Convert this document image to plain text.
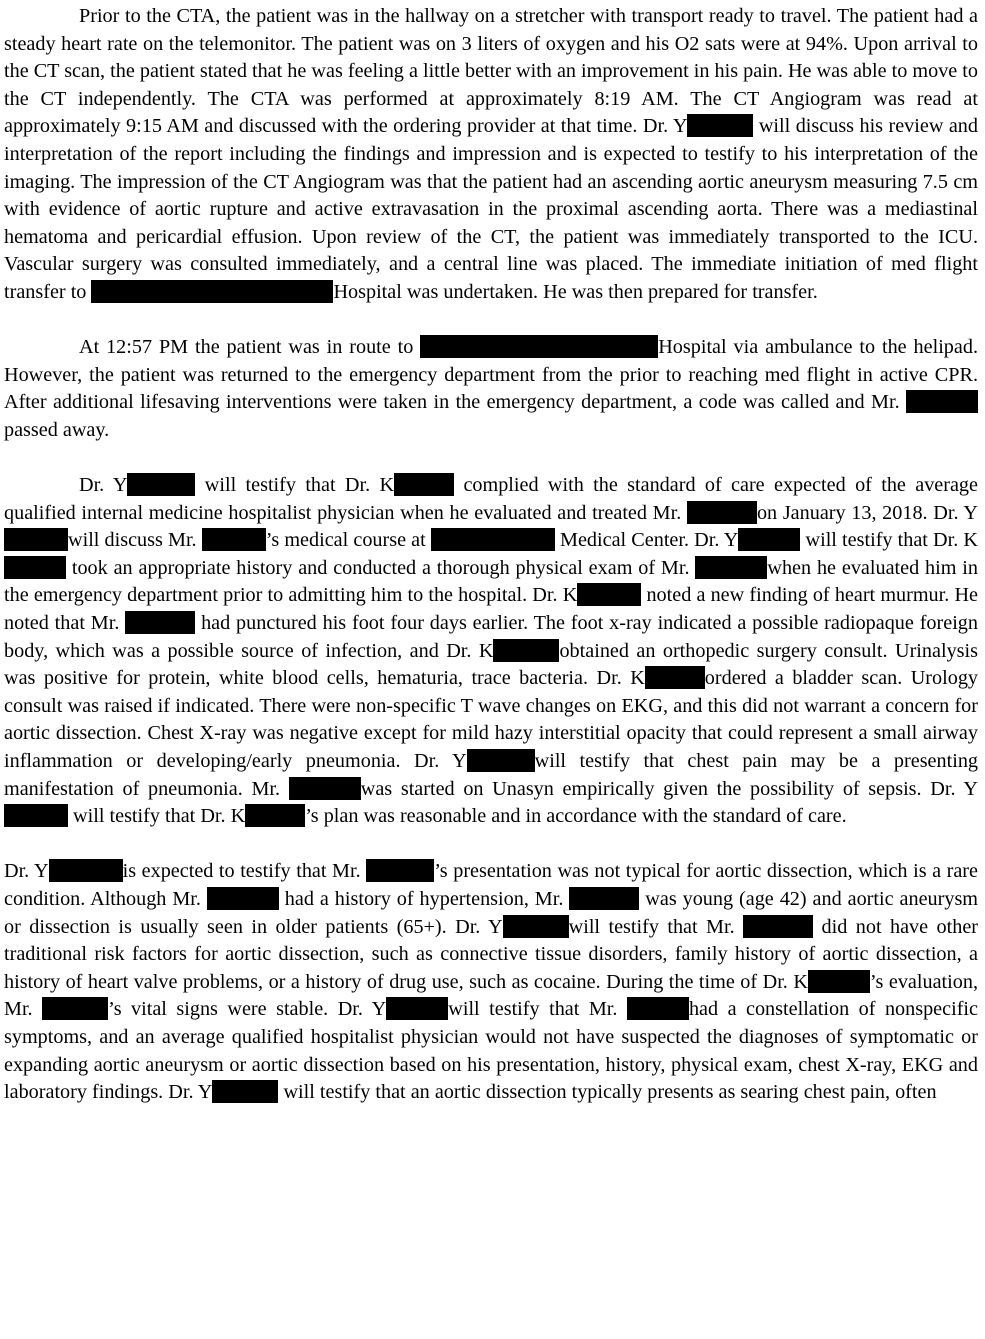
Prior to the CTA, the patient was in the hallway on a stretcher with transport ready to travel. The patient had a steady heart rate on the telemonitor. The patient was on 3 liters of oxygen and his O2 sats were at 94%. Upon arrival to the CT scan, the patient stated that he was feeling a little better with an improvement in his pain. He was able to move to the CT independently. The CTA was performed at approximately 8:19 AM. The CT Angiogram was read at approximately 9:15 AM and discussed with the ordering provider at that time. Dr. Y	will discuss his review and interpretation of the report including the findings and impression and is expected to testify to his interpretation of the imaging. The impression of the CT Angiogram was that the patient had an ascending aortic aneurysm measuring 7.5 cm with evidence of aortic rupture and active extravasation in the proximal ascending aorta. There was a mediastinal hematoma and pericardial effusion. Upon review of the CT, the patient was immediately transported to the ICU. Vascular surgery was consulted immediately, and a central line was placed. The immediate initiation of med flight transfer to	Hospital was undertaken. He was then prepared for transfer.

At 12:57 PM the patient was in route to	Hospital via ambulance to the helipad. However, the patient was returned to the emergency department from the prior to reaching med flight in active CPR. After additional lifesaving interventions were taken in the emergency department, a code was called and Mr. passed away.

Dr. Y	will testify that Dr. K	complied with the standard of care expected of the average qualified internal medicine hospitalist physician when he evaluated and treated Mr.	on January 13, 2018. Dr. Ywill discuss Mr.	’s medical course at	Medical Center. Dr. Y	will testify that Dr. K took an appropriate history and conducted a thorough physical exam of Mr.	when he evaluated him in the emergency department prior to admitting him to the hospital. Dr. K	noted a new finding of heart murmur. He noted that Mr.	had punctured his foot four days earlier. The foot x-ray indicated a possible radiopaque foreign body, which was a possible source of infection, and Dr. K	obtained an orthopedic surgery consult. Urinalysis was positive for protein, white blood cells, hematuria, trace bacteria. Dr. K	ordered a bladder scan. Urology consult was raised if indicated. There were non-specific T wave changes on EKG, and this did not warrant a concern for aortic dissection. Chest X-ray was negative except for mild hazy interstitial opacity that could represent a small airway inflammation or developing/early pneumonia. Dr. Y	will testify that chest pain may be a presenting manifestation of pneumonia. Mr.	was started on Unasyn empirically given the possibility of sepsis. Dr. Y will testify that Dr. K	’s plan was reasonable and in accordance with the standard of care.

Dr. Y	is expected to testify that Mr.	’s presentation was not typical for aortic dissection, which is a rare condition. Although Mr.	had a history of hypertension, Mr.	was young (age 42) and aortic aneurysm or dissection is usually seen in older patients (65+). Dr. Y	will testify that Mr.	did not have other traditional risk factors for aortic dissection, such as connective tissue disorders, family history of aortic dissection, a history of heart valve problems, or a history of drug use, such as cocaine. During the time of Dr. K	’s evaluation, Mr.	’s vital signs were stable. Dr. Y	will testify that Mr.	had a constellation of nonspecific symptoms, and an average qualified hospitalist physician would not have suspected the diagnoses of symptomatic or expanding aortic aneurysm or aortic dissection based on his presentation, history, physical exam, chest X-ray, EKG and laboratory findings. Dr. Y	will testify that an aortic dissection typically presents as searing chest pain, often
